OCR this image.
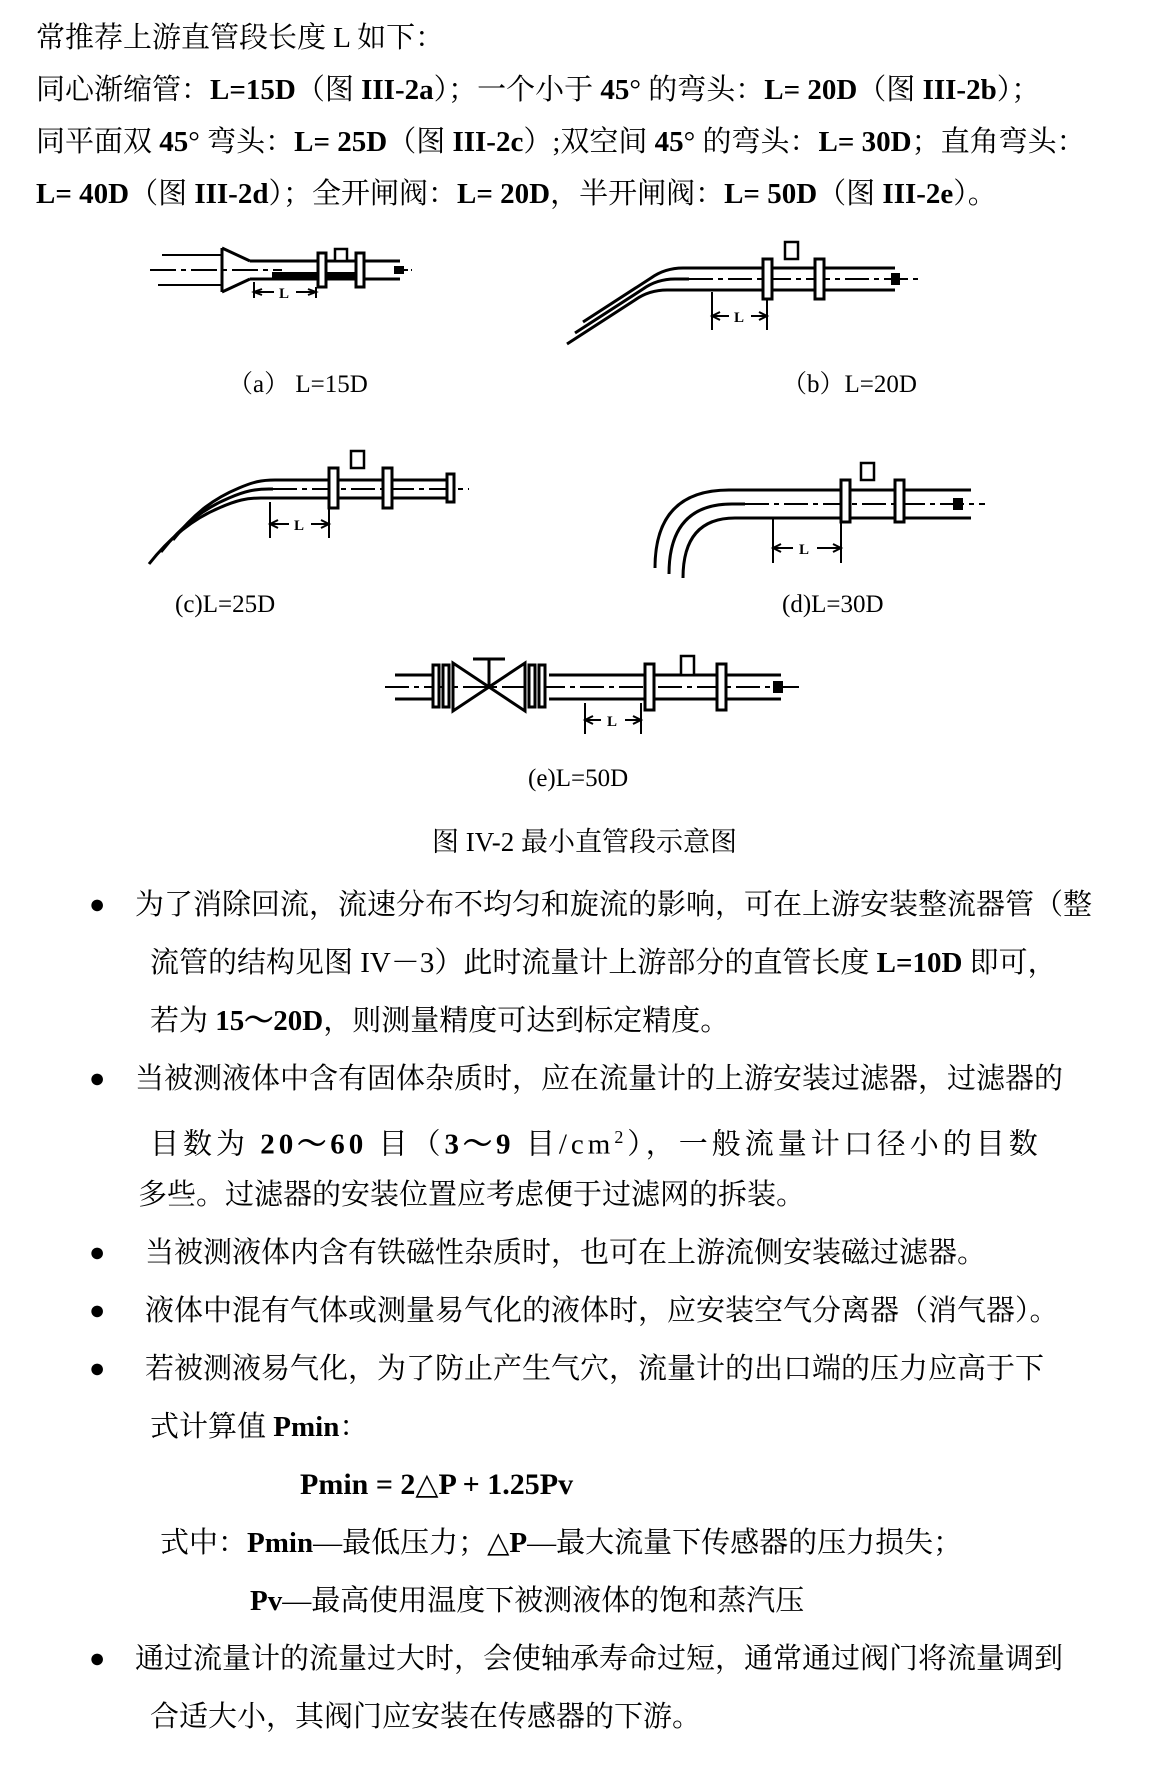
常推荐上游直管段长度 L 如下：
同心渐缩管：L=15D（图 III-2a）；一个小于 45° 的弯头：L= 20D（图 III-2b）；
同平面双 45° 弯头：L= 25D（图 III-2c）;双空间 45° 的弯头：L= 30D；直角弯头：
L= 40D（图 III-2d）；全开闸阀：L= 20D，半开闸阀：L= 50D（图 III-2e）。
L
L
L
L
L
（a） L=15D	（b）L=20D
(c)L=25D	(d)L=30D
(e)L=50D
图 IV-2 最小直管段示意图
● 为了消除回流，流速分布不均匀和旋流的影响，可在上游安装整流器管（整
流管的结构见图 IV－3）此时流量计上游部分的直管长度 L=10D 即可，
若为 15～20D，则测量精度可达到标定精度。
● 当被测液体中含有固体杂质时，应在流量计的上游安装过滤器，过滤器的
目数为 20～60 目（3～9 目$/cm^2$），一般流量计口径小的目数
多些。过滤器的安装位置应考虑便于过滤网的拆装。
● 当被测液体内含有铁磁性杂质时，也可在上游流侧安装磁过滤器。
● 液体中混有气体或测量易气化的液体时，应安装空气分离器（消气器）。
● 若被测液易气化，为了防止产生气穴，流量计的出口端的压力应高于下
式计算值 Pmin：
Pmin = 2△P + 1.25Pv
式中：Pmin—最低压力；△P—最大流量下传感器的压力损失；
Pv—最高使用温度下被测液体的饱和蒸汽压
● 通过流量计的流量过大时，会使轴承寿命过短，通常通过阀门将流量调到
合适大小，其阀门应安装在传感器的下游。
